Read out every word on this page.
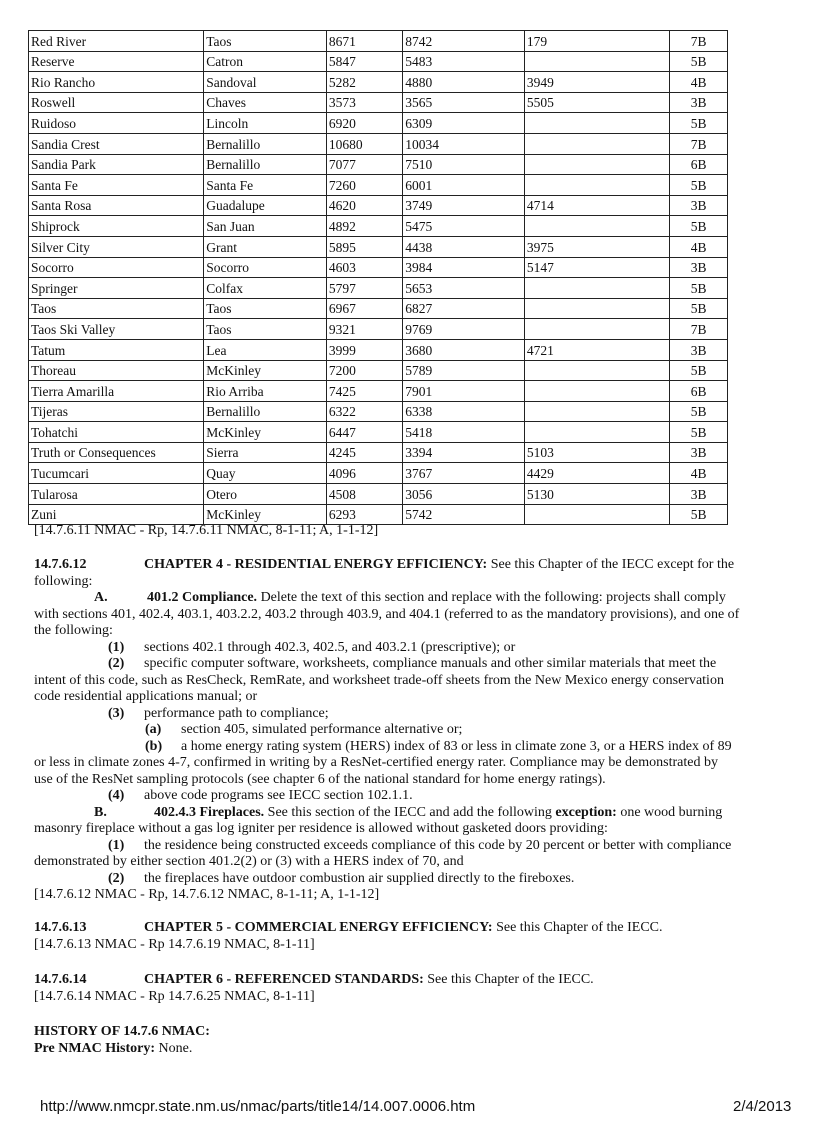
Red River	Taos	8671	8742	179	7B
Reserve	Catron	5847	5483		5B
Rio Rancho	Sandoval	5282	4880	3949	4B
Roswell	Chaves	3573	3565	5505	3B
Ruidoso	Lincoln	6920	6309		5B
Sandia Crest	Bernalillo	10680	10034		7B
Sandia Park	Bernalillo	7077	7510		6B
Santa Fe	Santa Fe	7260	6001		5B
Santa Rosa	Guadalupe	4620	3749	4714	3B
Shiprock	San Juan	4892	5475		5B
Silver City	Grant	5895	4438	3975	4B
Socorro	Socorro	4603	3984	5147	3B
Springer	Colfax	5797	5653		5B
Taos	Taos	6967	6827		5B
Taos Ski Valley	Taos	9321	9769		7B
Tatum	Lea	3999	3680	4721	3B
Thoreau	McKinley	7200	5789		5B
Tierra Amarilla	Rio Arriba	7425	7901		6B
Tijeras	Bernalillo	6322	6338		5B
Tohatchi	McKinley	6447	5418		5B
Truth or Consequences	Sierra	4245	3394	5103	3B
Tucumcari	Quay	4096	3767	4429	4B
Tularosa	Otero	4508	3056	5130	3B
Zuni	McKinley	6293	5742		5B
[14.7.6.11 NMAC - Rp, 14.7.6.11 NMAC, 8-1-11; A, 1-1-12]
14.7.6.12	CHAPTER 4 - RESIDENTIAL ENERGY EFFICIENCY: See this Chapter of the IECC except for the
following:
A.	401.2 Compliance. Delete the text of this section and replace with the following: projects shall comply
with sections 401, 402.4, 403.1, 403.2.2, 403.2 through 403.9, and 404.1 (referred to as the mandatory provisions), and one of
the following:
(1) sections 402.1 through 402.3, 402.5, and 403.2.1 (prescriptive); or
(2) specific computer software, worksheets, compliance manuals and other similar materials that meet the
intent of this code, such as ResCheck, RemRate, and worksheet trade-off sheets from the New Mexico energy conservation
code residential applications manual; or
(3) performance path to compliance;
(a) section 405, simulated performance alternative or;
(b) a home energy rating system (HERS) index of 83 or less in climate zone 3, or a HERS index of 89
or less in climate zones 4-7, confirmed in writing by a ResNet-certified energy rater. Compliance may be demonstrated by
use of the ResNet sampling protocols (see chapter 6 of the national standard for home energy ratings).
(4) above code programs see IECC section 102.1.1.
B.	402.4.3 Fireplaces. See this section of the IECC and add the following exception: one wood burning
masonry fireplace without a gas log igniter per residence is allowed without gasketed doors providing:
(1) the residence being constructed exceeds compliance of this code by 20 percent or better with compliance
demonstrated by either section 401.2(2) or (3) with a HERS index of 70, and
(2) the fireplaces have outdoor combustion air supplied directly to the fireboxes.
[14.7.6.12 NMAC - Rp, 14.7.6.12 NMAC, 8-1-11; A, 1-1-12]
14.7.6.13	CHAPTER 5 - COMMERCIAL ENERGY EFFICIENCY: See this Chapter of the IECC.
[14.7.6.13 NMAC - Rp 14.7.6.19 NMAC, 8-1-11]
14.7.6.14	CHAPTER 6 - REFERENCED STANDARDS: See this Chapter of the IECC.
[14.7.6.14 NMAC - Rp 14.7.6.25 NMAC, 8-1-11]
HISTORY OF 14.7.6 NMAC:
Pre NMAC History: None.
http://www.nmcpr.state.nm.us/nmac/parts/title14/14.007.0006.htm	2/4/2013
